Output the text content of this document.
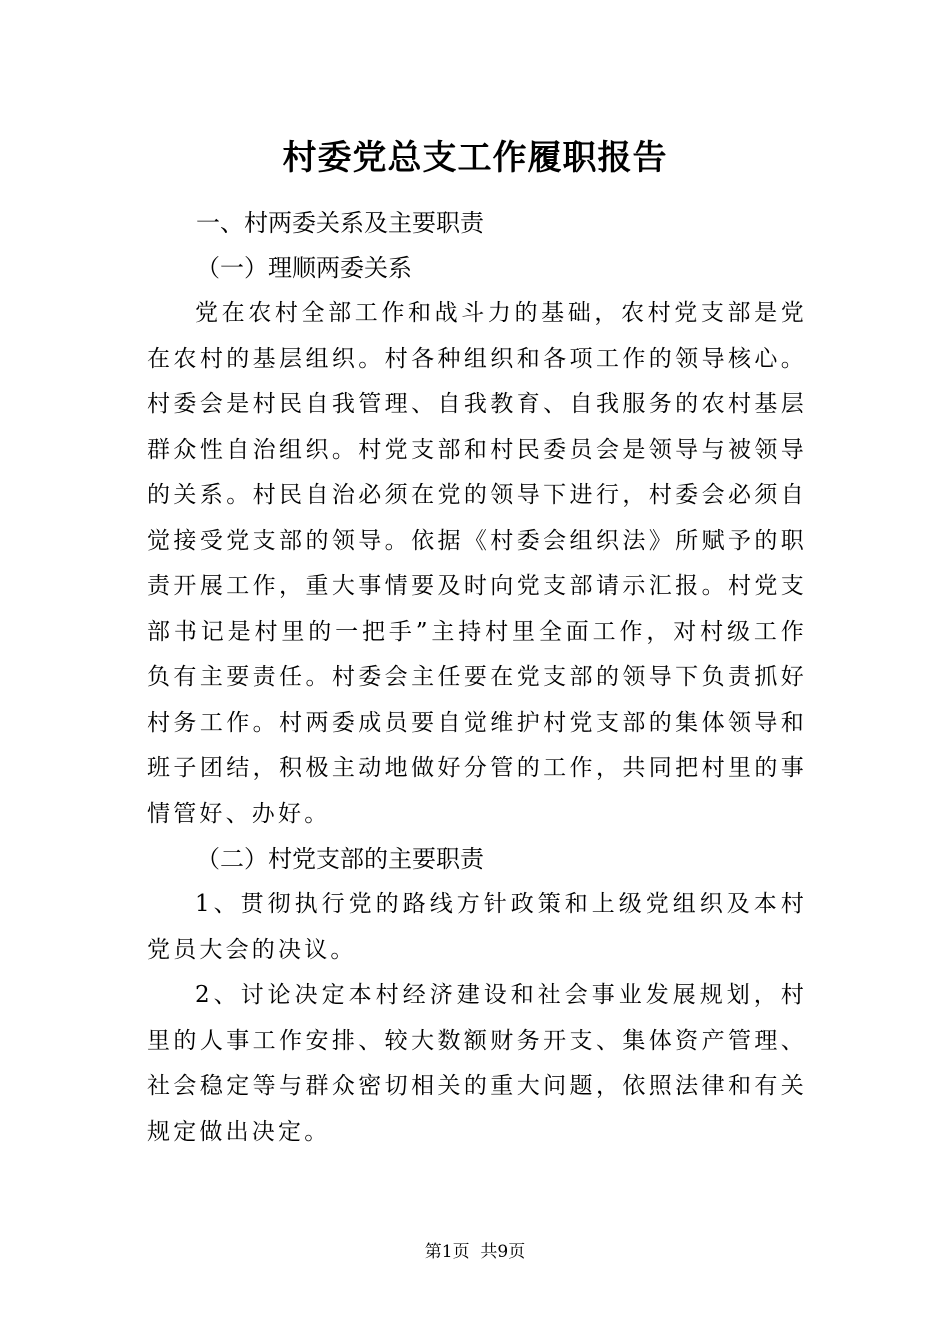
村委党总支工作履职报告
一、村两委关系及主要职责
（一）理顺两委关系

党在农村全部工作和战斗力的基础，农村党支部是党在农村的基层组织。村各种组织和各项工作的领导核心。村委会是村民自我管理、自我教育、自我服务的农村基层群众性自治组织。村党支部和村民委员会是领导与被领导的关系。村民自治必须在党的领导下进行，村委会必须自觉接受党支部的领导。依据《村委会组织法》所赋予的职责开展工作，重大事情要及时向党支部请示汇报。村党支部书记是村里的一把手”主持村里全面工作，对村级工作负有主要责任。村委会主任要在党支部的领导下负责抓好村务工作。村两委成员要自觉维护村党支部的集体领导和班子团结，积极主动地做好分管的工作，共同把村里的事情管好、办好。

（二）村党支部的主要职责

1、贯彻执行党的路线方针政策和上级党组织及本村党员大会的决议。

2、讨论决定本村经济建设和社会事业发展规划，村里的人事工作安排、较大数额财务开支、集体资产管理、社会稳定等与群众密切相关的重大问题，依照法律和有关规定做出决定。

第1页  共9页
